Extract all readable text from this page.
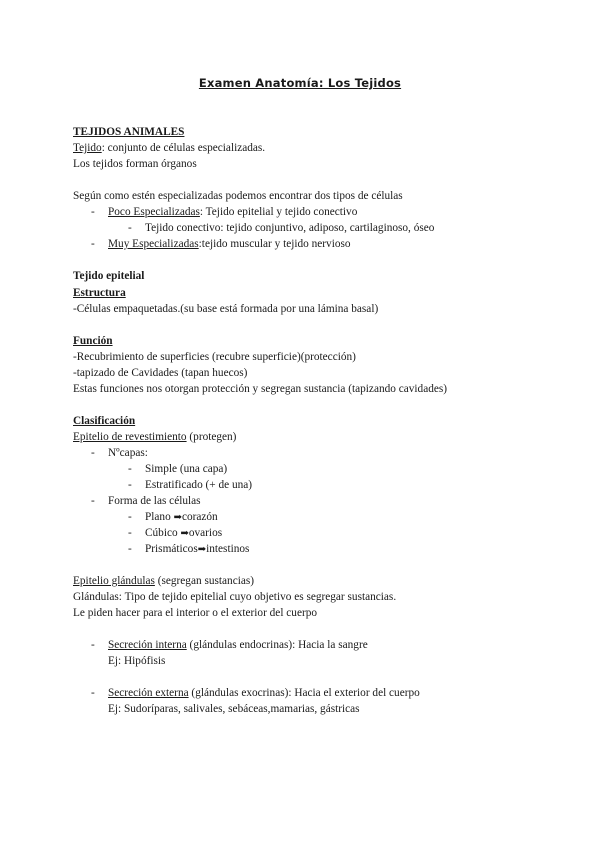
Examen Anatomía: Los Tejidos
TEJIDOS ANIMALES
Tejido: conjunto de células especializadas.
Los tejidos forman órganos
Según como estén especializadas podemos encontrar dos tipos de células
- Poco Especializadas: Tejido epitelial y tejido conectivo
- Tejido conectivo: tejido conjuntivo, adiposo, cartilaginoso, óseo
- Muy Especializadas:tejido muscular y tejido nervioso
Tejido epitelial
Estructura
-Células empaquetadas.(su base está formada por una lámina basal)
Función
-Recubrimiento de superficies (recubre superficie)(protección)
-tapizado de Cavidades (tapan huecos)
Estas funciones nos otorgan protección y segregan sustancia (tapizando cavidades)
Clasificación
Epitelio de revestimiento (protegen)
- Nºcapas:
- Simple (una capa)
- Estratificado (+ de una)
- Forma de las células
- Plano ➡corazón
- Cúbico ➡ovarios
- Prismáticos➡intestinos
Epitelio glándulas (segregan sustancias)
Glándulas: Tipo de tejido epitelial cuyo objetivo es segregar sustancias.
Le piden hacer para el interior o el exterior del cuerpo
- Secreción interna (glándulas endocrinas): Hacia la sangre
Ej: Hipófisis
- Secreción externa (glándulas exocrinas): Hacia el exterior del cuerpo
Ej: Sudoríparas, salivales, sebáceas,mamarias, gástricas
